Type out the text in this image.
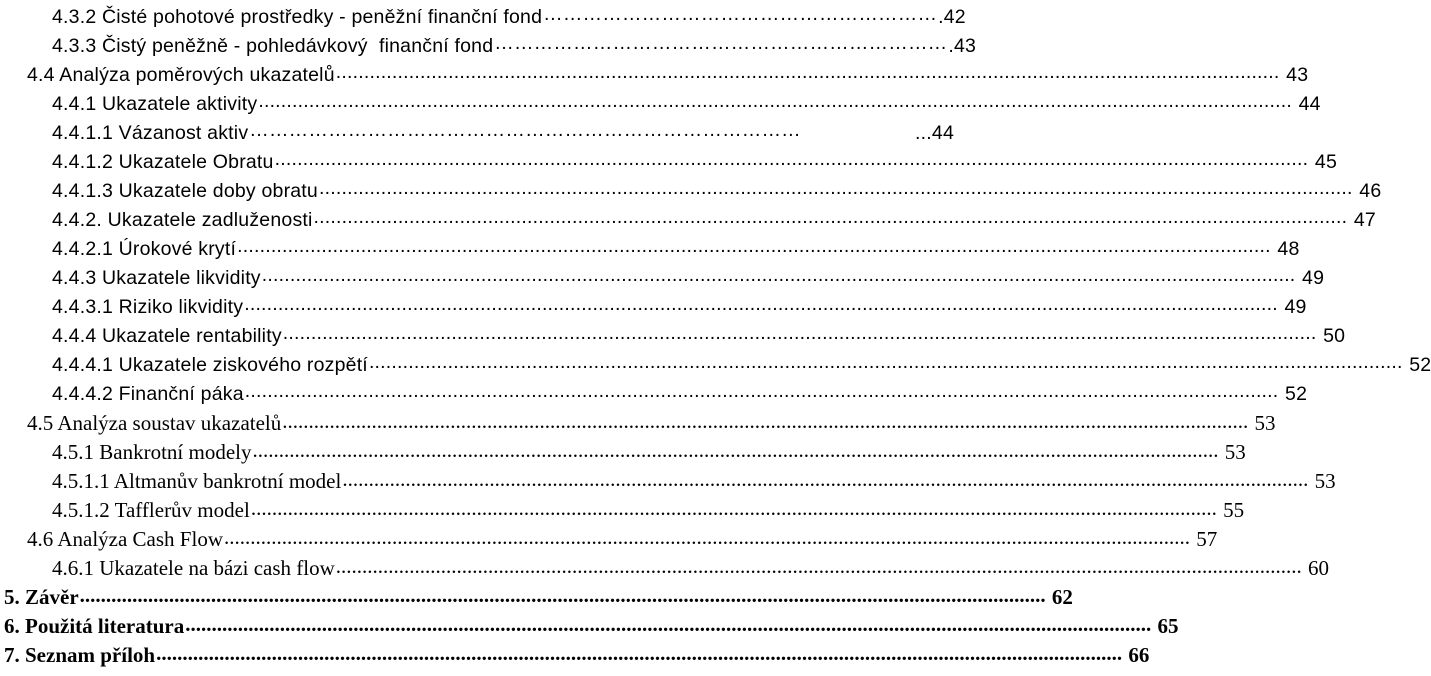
4.3.2 Čisté pohotové prostředky - peněžní finanční fond …………………………………………………… .42
4.3.3 Čistý peněžně - pohledávkový  finanční fond …………………………………………………………… .43
4.4 Analýza poměrových ukazatelů ........................................................................................................................................................................ 43
4.4.1 Ukazatele aktivity ........................................................................................................................................................................................ 44
4.4.1.1 Vázanost aktiv …………………………………………………………………………	...44
4.4.1.2 Ukazatele Obratu ........................................................................................................................................................................................ 45
4.4.1.3 Ukazatele doby obratu ........................................................................................................................................................................................ 46
4.4.2. Ukazatele zadluženosti ........................................................................................................................................................................................ 47
4.4.2.1 Úrokové krytí ........................................................................................................................................................................................ 48
4.4.3 Ukazatele likvidity ........................................................................................................................................................................................ 49
4.4.3.1 Riziko likvidity ........................................................................................................................................................................................ 49
4.4.4 Ukazatele rentability ........................................................................................................................................................................................ 50
4.4.4.1 Ukazatele ziskového rozpětí ........................................................................................................................................................................................ 52
4.4.4.2 Finanční páka ........................................................................................................................................................................................ 52
4.5 Analýza soustav ukazatelů ........................................................................................................................................................................................ 53
4.5.1 Bankrotní modely ........................................................................................................................................................................................ 53
4.5.1.1 Altmanův bankrotní model ........................................................................................................................................................................................ 53
4.5.1.2 Tafflerův model ........................................................................................................................................................................................ 55
4.6 Analýza Cash Flow ........................................................................................................................................................................................ 57
4.6.1 Ukazatele na bázi cash flow ........................................................................................................................................................................................ 60
5. Závěr ........................................................................................................................................................................................ 62
6. Použitá literatura ........................................................................................................................................................................................ 65
7. Seznam příloh ........................................................................................................................................................................................ 66
